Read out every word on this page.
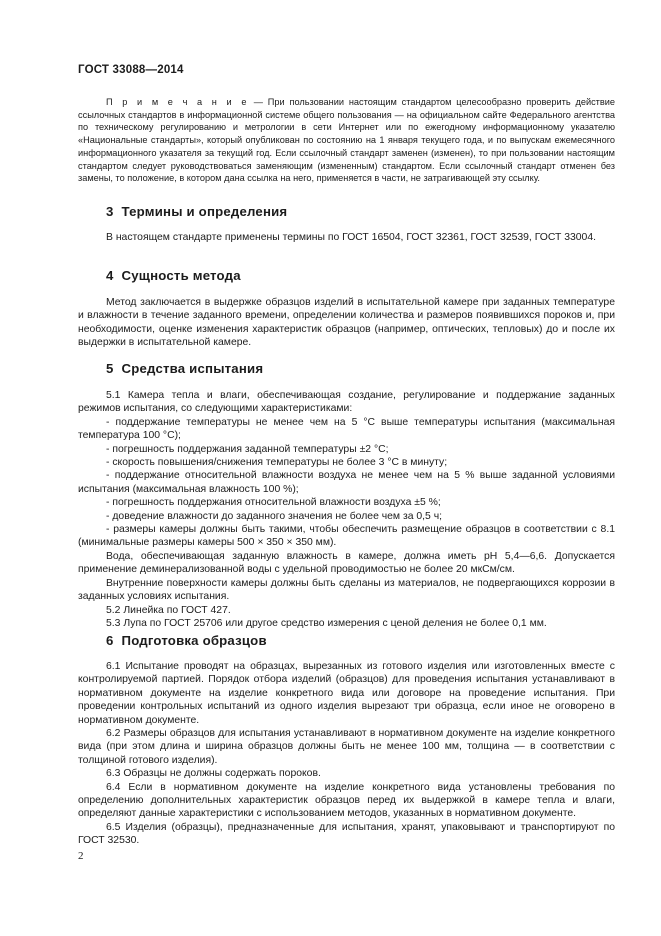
ГОСТ 33088—2014
П р и м е ч а н и е — При пользовании настоящим стандартом целесообразно проверить действие ссылочных стандартов в информационной системе общего пользования — на официальном сайте Федерального агентства по техническому регулированию и метрологии в сети Интернет или по ежегодному информационному указателю «Национальные стандарты», который опубликован по состоянию на 1 января текущего года, и по выпускам ежемесячного информационного указателя за текущий год. Если ссылочный стандарт заменен (изменен), то при пользовании настоящим стандартом следует руководствоваться заменяющим (измененным) стандартом. Если ссылочный стандарт отменен без замены, то положение, в котором дана ссылка на него, применяется в части, не затрагивающей эту ссылку.
3 Термины и определения

В настоящем стандарте применены термины по ГОСТ 16504, ГОСТ 32361, ГОСТ 32539, ГОСТ 33004.

4 Сущность метода

Метод заключается в выдержке образцов изделий в испытательной камере при заданных температуре и влажности в течение заданного времени, определении количества и размеров появившихся пороков и, при необходимости, оценке изменения характеристик образцов (например, оптических, тепловых) до и после их выдержки в испытательной камере.

5 Средства испытания

5.1 Камера тепла и влаги, обеспечивающая создание, регулирование и поддержание заданных режимов испытания, со следующими характеристиками:

- поддержание температуры не менее чем на 5 °С выше температуры испытания (максимальная температура 100 °С);

- погрешность поддержания заданной температуры ±2 °С;

- скорость повышения/снижения температуры не более 3 °С в минуту;

- поддержание относительной влажности воздуха не менее чем на 5 % выше заданной условиями испытания (максимальная влажность 100 %);

- погрешность поддержания относительной влажности воздуха ±5 %;

- доведение влажности до заданного значения не более чем за 0,5 ч;

- размеры камеры должны быть такими, чтобы обеспечить размещение образцов в соответствии с 8.1 (минимальные размеры камеры 500 × 350 × 350 мм).

Вода, обеспечивающая заданную влажность в камере, должна иметь рН 5,4—6,6. Допускается применение деминерализованной воды с удельной проводимостью не более 20 мкСм/см.

Внутренние поверхности камеры должны быть сделаны из материалов, не подвергающихся коррозии в заданных условиях испытания.

5.2 Линейка по ГОСТ 427.

5.3 Лупа по ГОСТ 25706 или другое средство измерения с ценой деления не более 0,1 мм.

6 Подготовка образцов

6.1 Испытание проводят на образцах, вырезанных из готового изделия или изготовленных вместе с контролируемой партией. Порядок отбора изделий (образцов) для проведения испытания устанавливают в нормативном документе на изделие конкретного вида или договоре на проведение испытания. При проведении контрольных испытаний из одного изделия вырезают три образца, если иное не оговорено в нормативном документе.

6.2 Размеры образцов для испытания устанавливают в нормативном документе на изделие конкретного вида (при этом длина и ширина образцов должны быть не менее 100 мм, толщина — в соответствии с толщиной готового изделия).

6.3 Образцы не должны содержать пороков.

6.4 Если в нормативном документе на изделие конкретного вида установлены требования по определению дополнительных характеристик образцов перед их выдержкой в камере тепла и влаги, определяют данные характеристики с использованием методов, указанных в нормативном документе.

6.5 Изделия (образцы), предназначенные для испытания, хранят, упаковывают и транспортируют по ГОСТ 32530.

2
